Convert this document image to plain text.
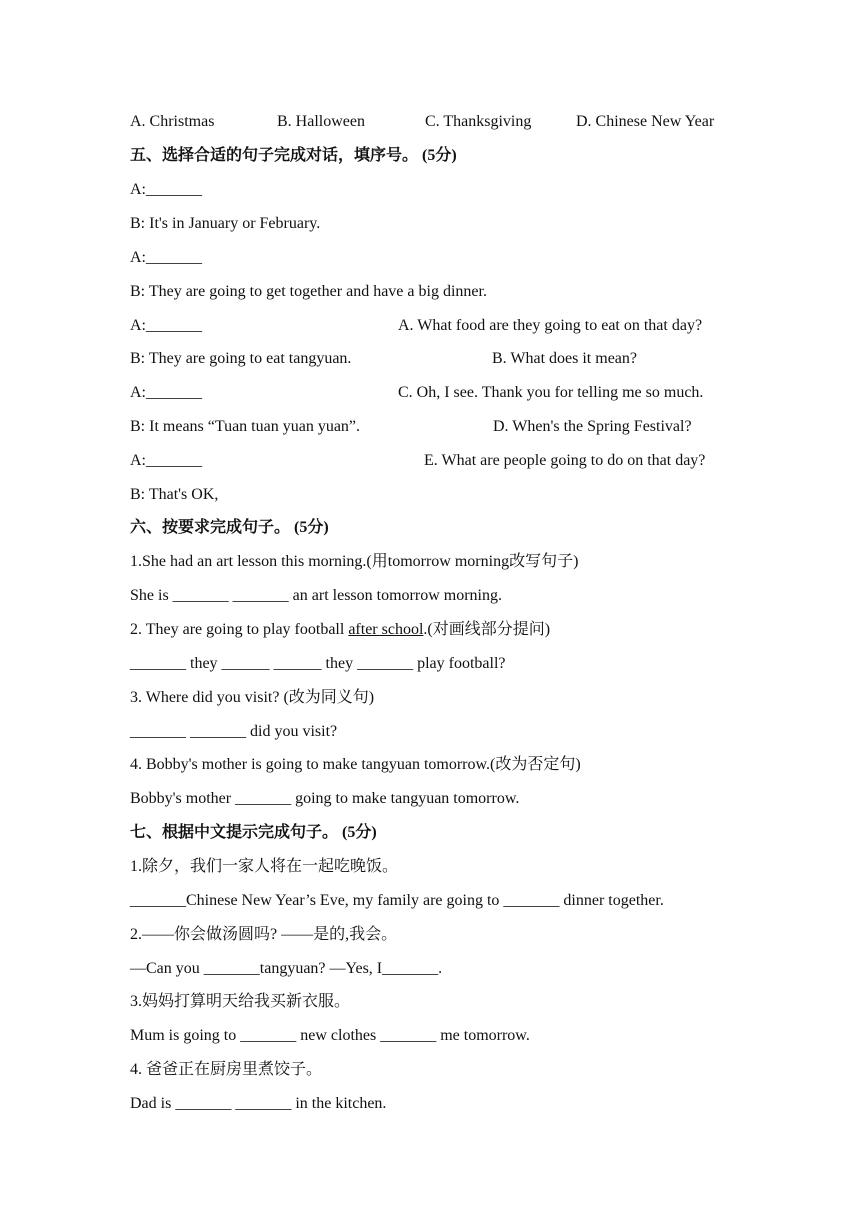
A. Christmas	B. Halloween	C. Thanksgiving	D. Chinese New Year
五、选择合适的句子完成对话，填序号。 (5分)
A:_______
B: It's in January or February.
A:_______
B: They are going to get together and have a big dinner.
A:_______
B: They are going to eat tangyuan.
A:_______
B: It means “Tuan tuan yuan yuan”.
A:_______
B: That's OK,
A. What food are they going to eat on that day?
B. What does it mean?
C. Oh, I see. Thank you for telling me so much.
D. When's the Spring Festival?
E. What are people going to do on that day?
六、按要求完成句子。 (5分)
1.She had an art lesson this morning.(用tomorrow morning改写句子)
She is _______ _______ an art lesson tomorrow morning.
2. They are going to play football after school.(对画线部分提问)
_______ they ______ ______ they _______ play football?
3. Where did you visit? (改为同义句)
_______ _______ did you visit?
4. Bobby's mother is going to make tangyuan tomorrow.(改为否定句)
Bobby's mother _______ going to make tangyuan tomorrow.
七、根据中文提示完成句子。 (5分)
1.除夕，我们一家人将在一起吃晚饭。
_______Chinese New Year’s Eve, my family are going to _______ dinner together.
2.——你会做汤圆吗? ——是的,我会。
—Can you _______tangyuan? —Yes, I_______.
3.妈妈打算明天给我买新衣服。
Mum is going to _______ new clothes _______ me tomorrow.
4. 爸爸正在厨房里煮饺子。
Dad is _______ _______ in the kitchen.
